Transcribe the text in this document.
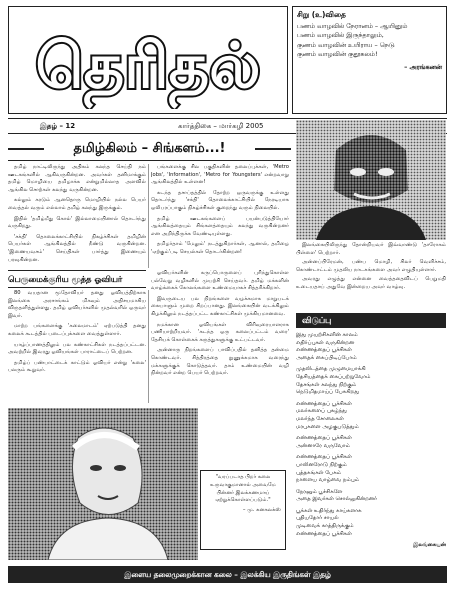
தெரிதல்
சிறு (உ)விதை
பணம் வாழவில் நேரானம் – ஆயினும்
பணம் வாழவில் இருந்தாலும்,
குணம் வாழவின் உயிராய – நெடு
குணம் வாழவின் குதூகலம்!
– அரங்கனன்
இதழ் – 12	கார்த்திகை – மார்கழி 2005
தமிழ்கிலம் – சிங்களம்...!

தமிழ் நாட்டிலிருந்து அதிகம் கலந்த செய்தி நம் ஊடகங்களில் ஆகிவருகின்றன. அவர்கள் தனிமாக்கும் தமிழ் மொழியை தமிழாக்க என்றுமில்லாத அளவில் ஆங்கில சொற்கள் கலந்து வருகின்றன.

கல்லும் கரடும் ஆனதொரு மொழியில் நல்ல பெயர் வைத்தல் வரும் எல்லாம் தமிழ் கலந்து இருக்கும்.

இதில் 'தமிழ்மீது கொல்' இல்லாமையினால் தொடர்ந்து வருகிறது.

'சக்தி' தொலைக்காட்சியில் நிகழ்ச்சிகள் தமிழின் பெயர்கள் ஆங்கிலத்தில் நீண்டு வருகின்றன. 'இணையவசம்' செய்திகள் பார்த்து இணையும் பரவுகின்றன.

பங்களைக்கு சில பகுதிகளின் தலைப்புக்கள், 'Metro Jobs', 'Information', 'Metro for Youngsters' என்றவாறு ஆங்கிலத்தில் உள்ளன!

கடந்த தசாப்தத்தில் தோற்ற ஒருவருக்கு உள்ளது தொடர்ந்து 'சக்தி' தொலைக்காட்சியில் நேரடியாக ஒலிபரப்பாகும் நிகழ்ச்சிகள் குறைந்து வரும் நிலையில்.

தமிழ் ஊடகங்களைப் பயன்படுத்தியோர் ஆங்கிலத்தையும் சிங்களத்தையும் கலந்து வருகின்றனர் என அறிந்திருக்க வேண்டியுள்ளது.

தமிழர்தாம் 'மேலும்' நடத்துகிறார்கள், ஆனால், தமிழை 'ஏற்கும்'படி செயல்கள் தொடர்கின்றன!

இலங்கையிலிருந்து தோன்றியவர் இவ்வாண்டு 'தாரோகம் பிள்ளை' பெற்றார்.

அன்னப்பிரேமன், பண்ப மொழி, சிலர் வெளிச்சம், கொண்டாட்டம் முதலிய நாடகங்களை அவர் எழுதியுள்ளார்.

அவரது எழுத்து என்னை வைத்ததைவிடப் பெறுமதி உடையதாய் அதுவே இன்றைய அவர் வாழ்வு.

பெருமைக்குரிய மூத்த ஓவியர்

80 வயதான மூதோவியர் தனது ஓவியத்திற்காக இலங்கை அரசாங்கம் மிகவும் அதிசயமாகிய விருதளித்துள்ளது. தமிழ் ஓவியர்களில் முதல்வரில் ஒருவர் இவர்.

மாற்ற பங்களைக்கு 'கலைமாடம்' ஏற்படுத்தி தனது கலைக் கூடத்தில் படைப்புக்களை வைத்துள்ளார்.

யாழ்ப்பாணத்திலும் பல கண்காட்சிகள் நடத்தப்பட்டன. அவற்றில் இவரது ஓவியங்கள் பாராட்டைப் பெற்றன.

தமிழ்ப் பண்பாட்டைக் காட்டும் ஓவியர் என்று 'கலை' பலரும் கூறுவர்.

ஓவியர்களின் கருப்பொருளைப் புரிந்துகொள்ள பல்வேறு வழிகளில் முயற்சி செய்தவர். தமிழ் மக்களின் வாழ்க்கைக் கோலங்களை உண்மையாகச் சித்தரிக்கிறார்.

இவருடைய பல நிறங்களை வழக்கமாக மாறுபடக் கையாளும் முறை சிறப்பானது. இலங்கையின் வடக்கிலும் கிழக்கிலும் நடத்தப்பட்ட கண்காட்சிகள் முக்கியமானவை.

நமக்கான ஓவியங்கள் விரிவுரையாளராக பணியாற்றியவர். 'கடந்த ஒரு கலைப்பட்டம் வரை' தேசியக் கொள்கைக் கருத்துகளுக்கு உட்பட்டவர்.

அன்னாரு நிறங்களைப் பாவிப்பதில் தனித்த தன்மை கொண்டவர். சித்திரத்தை நுணுக்கமாக வரைந்து மக்களுக்குக் கொடுத்தவர். தாம் உண்மையின் வழி நின்றவர் என்ற பெயர் பெற்றவர்.

"வரப்படாத பிறர் கலை உருவாகுமானால் அவைமே பின்னர் இலக்கணமாய் ஏற்றுக்கொள்ளப்படும்."
– மு. கனகலக்ஸ்
விடுப்பு
இது முயற்சிகளின் காலம்
எதிர்ப்புகள் வருகின்றன
எண்ணத்தைப் பூச்சிகள்
அதைக் கைப்பிடிப்போம்
முதலிடத்தை முழுமையாக்கி
தேசியத்தைக் கைப்பற்றுவோம்
தேசங்கள் கலந்து நிற்கும்
நெடுமிதமாய்ப் பேசுகிறது
எண்ணத்தைப் பூச்சிகள்
மலர்களைப் புகழ்ந்து
மலர்ந்த சோலைகள்
மரபுகளை அழகுபடுத்தும்
எண்ணத்தைப் பூச்சிகள்
அன்னாரே வருவோம்
எண்ணத்தைப் பூச்சிகள்
பாலினரோடு நிற்கும்
புத்தகங்கள் பேசும்
நாளைய வாழ்வை நம்பும்
நேரனும் பூச்சிகளே
அதை இவர்கள் சொல்லுகின்றனர்
பூக்கள் உதிர்ந்து காய்களாக
புதியதோர் சாயல்
முடிவைக் காத்திருக்கும்
எண்ணத்தைப் பூச்சிகள்
இலங்கையன்
இளைய தலைமுறைக்கான கலை – இலக்கிய இருதிங்கள் இதழ்
